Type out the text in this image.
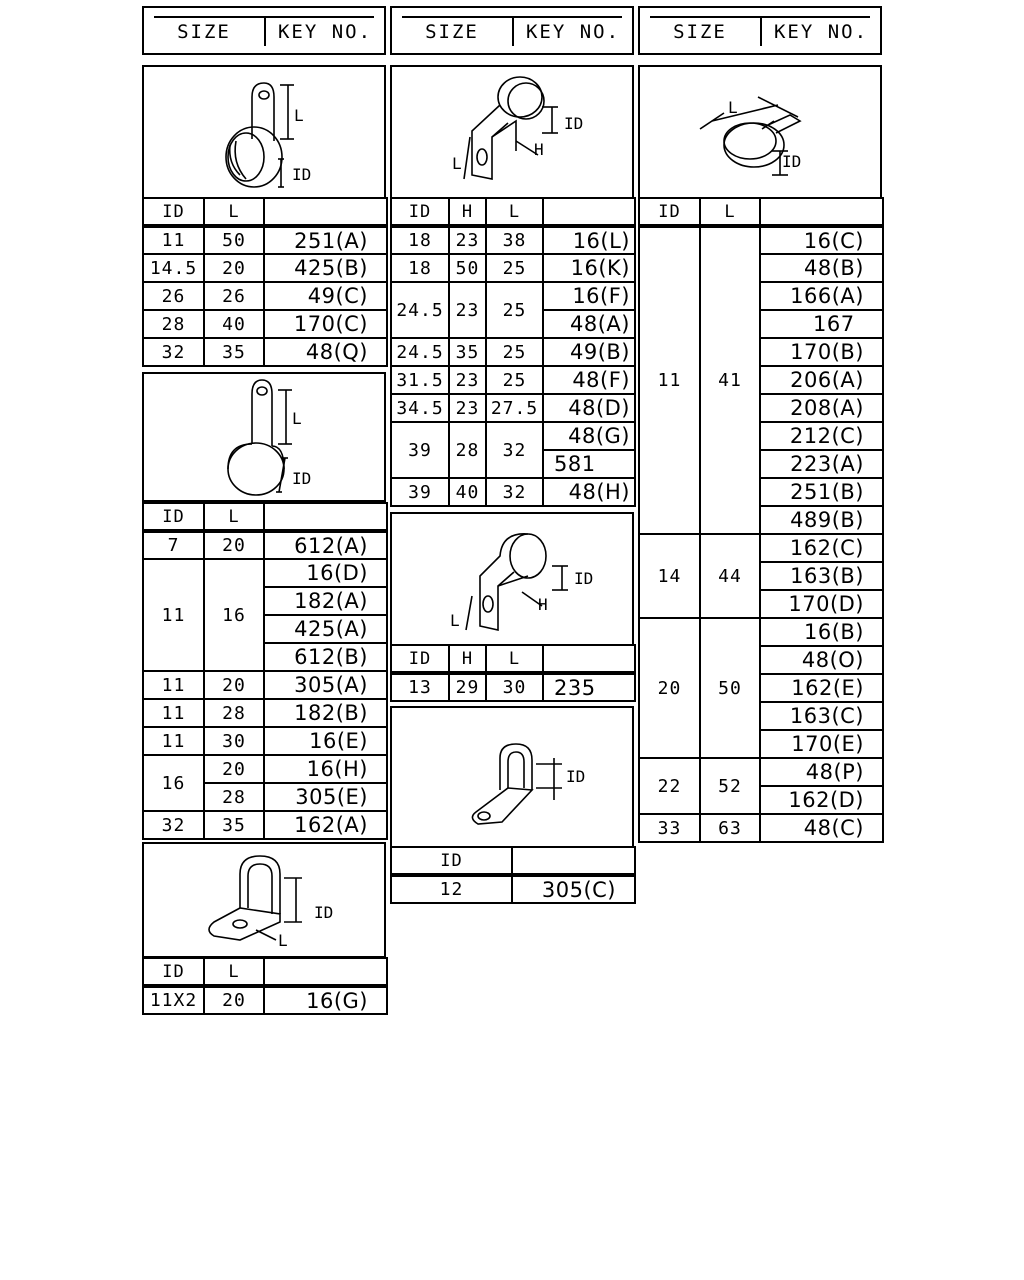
SIZE	KEY NO.	SIZE	KEY NO.	SIZE	KEY NO.
L
ID
ID	L	
11	50	251(A)
14.5	20	425(B)
26	26	49(C)
28	40	170(C)
32	35	48(Q)
L
ID
ID	L	
7	20	612(A)
11	16	16(D)
		182(A)
		425(A)
		612(B)
11	20	305(A)
11	28	182(B)
11	30	16(E)
16	20	16(H)
	28	305(E)
32	35	162(A)
ID
L
ID	L	
11X2	20	16(G)
ID
L
H
ID	H	L	
18	23	38	16(L)
18	50	25	16(K)
24.5	23	25	16(F)
			48(A)
24.5	35	25	49(B)
31.5	23	25	48(F)
34.5	23	27.5	48(D)
39	28	32	48(G)
			581
39	40	32	48(H)
ID
L
H
ID	H	L	
13	29	30	235
ID
ID	
12	305(C)
L
ID
ID	L	
11	41	16(C)
		48(B)
		166(A)
		167
		170(B)
		206(A)
		208(A)
		212(C)
		223(A)
		251(B)
		489(B)
14	44	162(C)
		163(B)
		170(D)
20	50	16(B)
		48(O)
		162(E)
		163(C)
		170(E)
22	52	48(P)
		162(D)
33	63	48(C)
